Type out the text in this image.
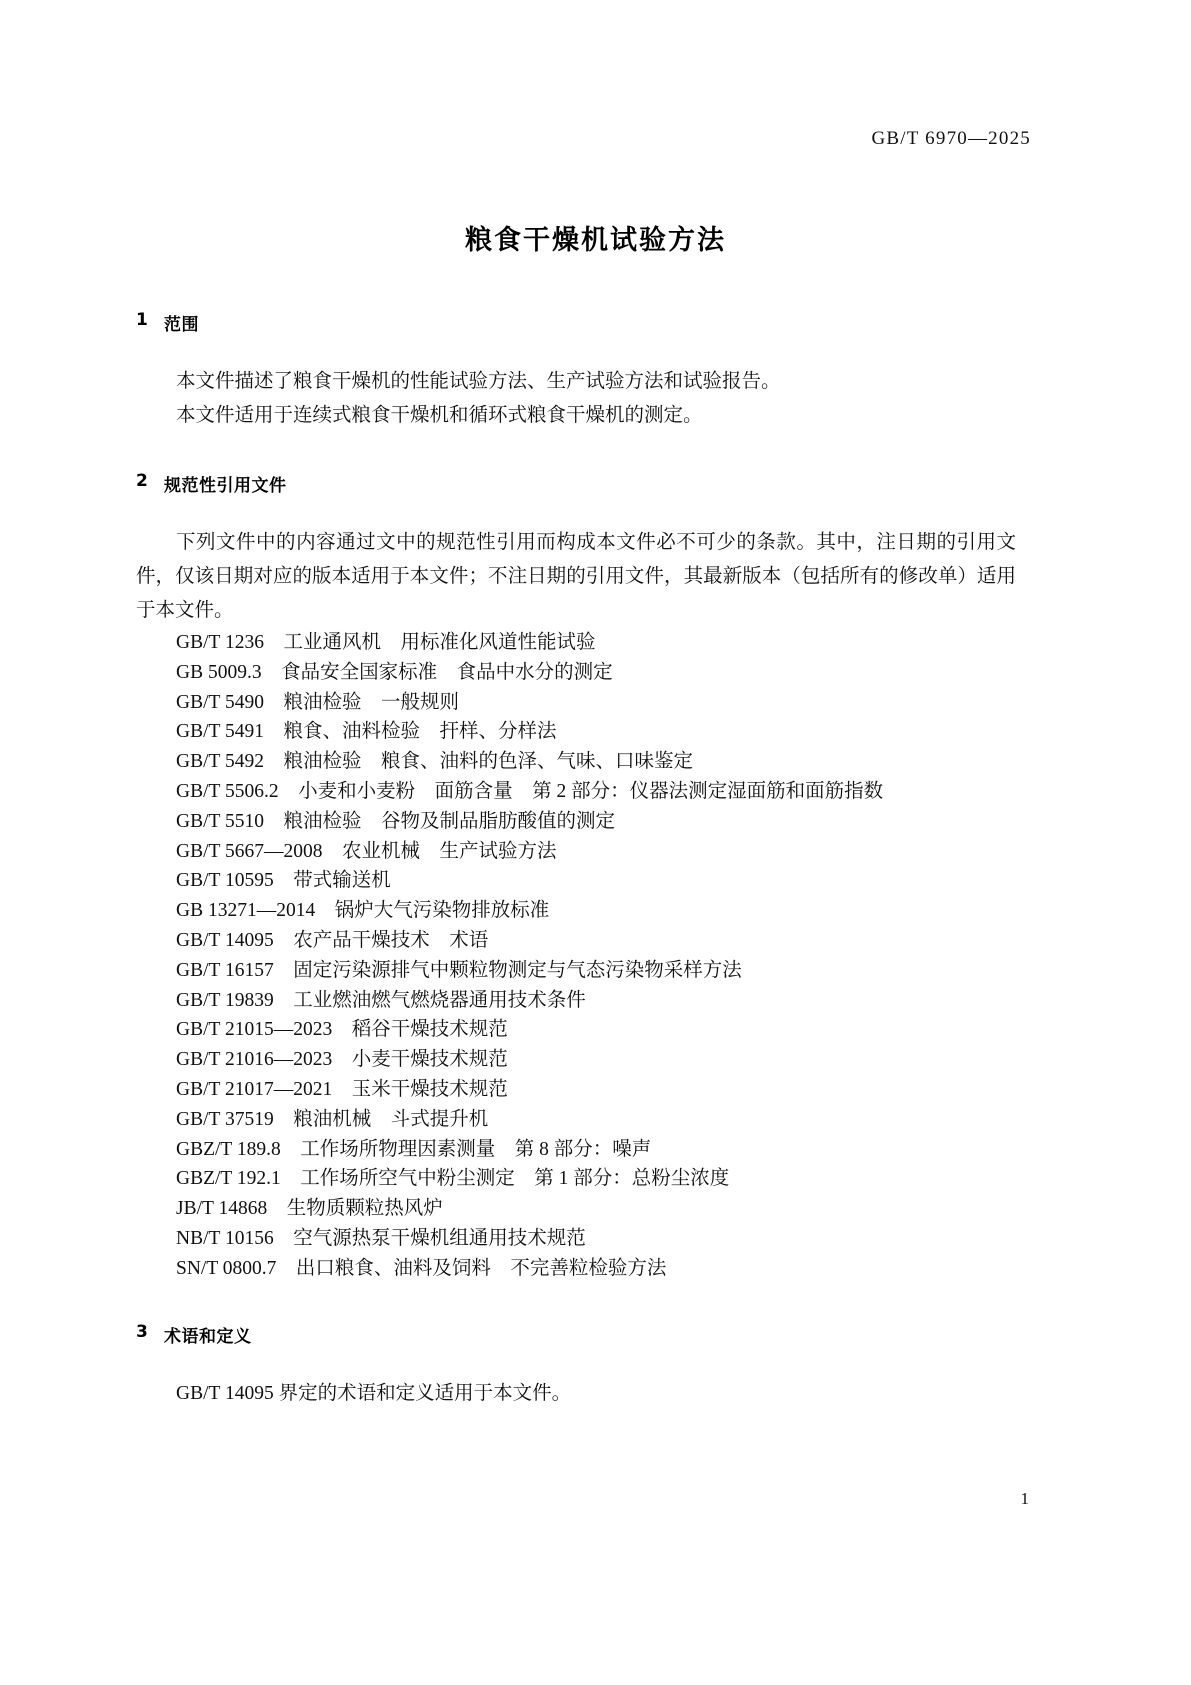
GB/T 6970—2025
粮食干燥机试验方法
1 范围

本文件描述了粮食干燥机的性能试验方法、生产试验方法和试验报告。

本文件适用于连续式粮食干燥机和循环式粮食干燥机的测定。

2 规范性引用文件

下列文件中的内容通过文中的规范性引用而构成本文件必不可少的条款。其中，注日期的引用文件，仅该日期对应的版本适用于本文件；不注日期的引用文件，其最新版本（包括所有的修改单）适用于本文件。

GB/T 1236　工业通风机　用标准化风道性能试验
GB 5009.3　食品安全国家标准　食品中水分的测定
GB/T 5490　粮油检验　一般规则
GB/T 5491　粮食、油料检验　扞样、分样法
GB/T 5492　粮油检验　粮食、油料的色泽、气味、口味鉴定
GB/T 5506.2　小麦和小麦粉　面筋含量　第 2 部分：仪器法测定湿面筋和面筋指数
GB/T 5510　粮油检验　谷物及制品脂肪酸值的测定
GB/T 5667—2008　农业机械　生产试验方法
GB/T 10595　带式输送机
GB 13271—2014　锅炉大气污染物排放标准
GB/T 14095　农产品干燥技术　术语
GB/T 16157　固定污染源排气中颗粒物测定与气态污染物采样方法
GB/T 19839　工业燃油燃气燃烧器通用技术条件
GB/T 21015—2023　稻谷干燥技术规范
GB/T 21016—2023　小麦干燥技术规范
GB/T 21017—2021　玉米干燥技术规范
GB/T 37519　粮油机械　斗式提升机
GBZ/T 189.8　工作场所物理因素测量　第 8 部分：噪声
GBZ/T 192.1　工作场所空气中粉尘测定　第 1 部分：总粉尘浓度
JB/T 14868　生物质颗粒热风炉
NB/T 10156　空气源热泵干燥机组通用技术规范
SN/T 0800.7　出口粮食、油料及饲料　不完善粒检验方法
3 术语和定义

GB/T 14095 界定的术语和定义适用于本文件。

1
